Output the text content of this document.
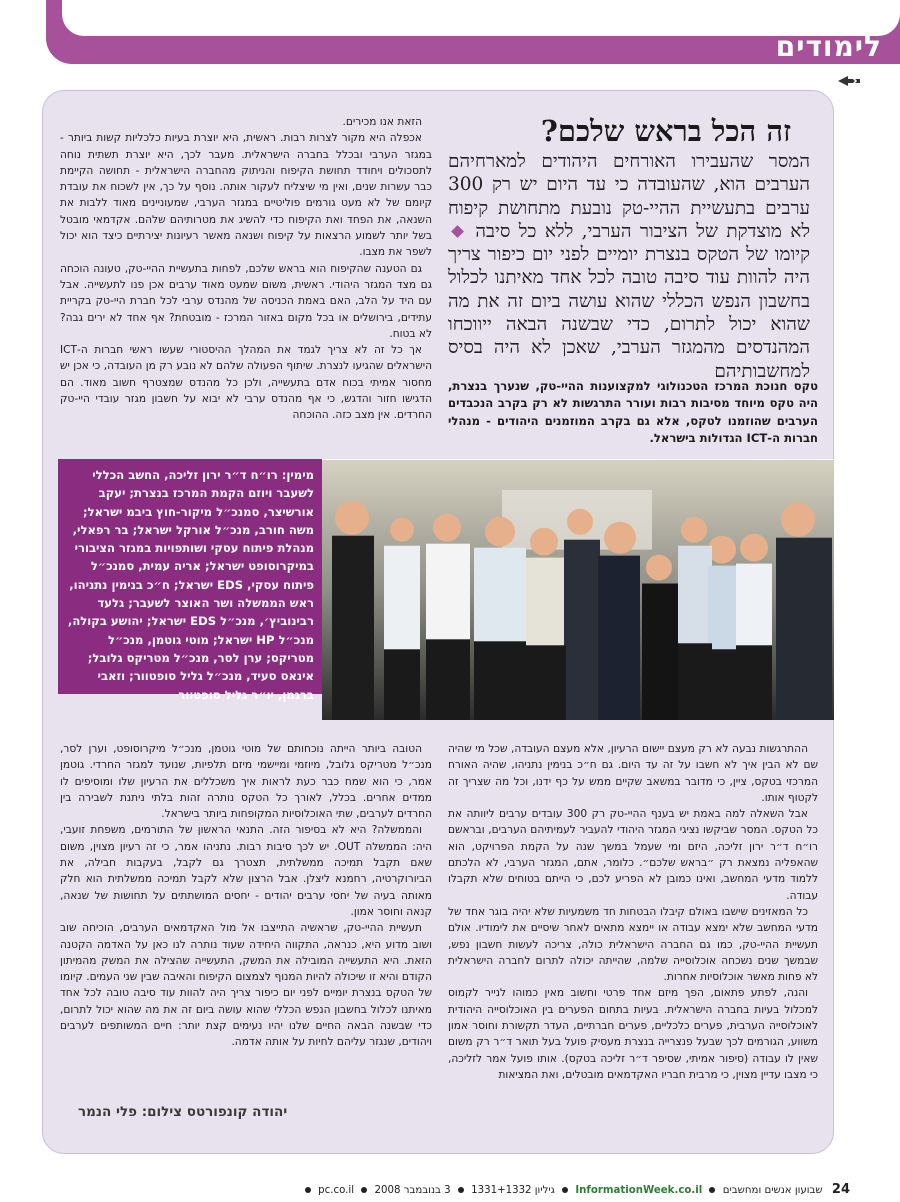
לימודים
זה הכל בראש שלכם?
המסר שהעבירו האורחים היהודים למארחיהם הערבים הוא, שהעובדה כי עד היום יש רק 300 ערבים בתעשיית ההיי-טק נובעת מתחושת קיפוח לא מוצדקת של הציבור הערבי, ללא כל סיבה  קיומו של הטקס בנצרת יומיים לפני יום כיפור צריך היה להוות עוד סיבה טובה לכל אחד מאיתנו לכלול בחשבון הנפש הכללי שהוא עושה ביום זה את מה שהוא יכול לתרום, כדי שבשנה הבאה ייווכחו המהנדסים מהמגזר הערבי, שאכן לא היה בסיס למחשבותיהם
טקס חנוכת המרכז הטכנולוגי למקצוענות ההיי-טק, שנערך בנצרת, היה טקס מיוחד מסיבות רבות ועורר התרגשות לא רק בקרב הנכבדים הערבים שהוזמנו לטקס, אלא גם בקרב המוזמנים היהודים - מנהלי חברות ה-ICT הגדולות בישראל.

הזאת אנו מכירים.

אכפלה היא מקור לצרות רבות. ראשית, היא יוצרת בעיות כלכליות קשות ביותר - במגזר הערבי ובכלל בחברה הישראלית. מעבר לכך, היא יוצרת תשתית נוחה לתסכולים ויחודד תחושת הקיפוח והניתוק מהחברה הישראלית - תחושה הקיימת כבר עשרות שנים, ואין מי שיצליח לעקור אותה. נוסף על כך, אין לשכוח את עובדת קיומם של לא מעט גורמים פוליטיים במגזר הערבי, שמעוניינים מאוד ללבות את השנאה, את הפחד ואת הקיפוח כדי להשיג את מטרותיהם שלהם. אקדמאי מובטל בשל יותר לשמוע הרצאות על קיפוח ושנאה מאשר רעיונות יצירתיים כיצד הוא יכול לשפר את מצבו.

גם הטענה שהקיפוח הוא בראש שלכם, לפחות בתעשיית ההיי-טק, טעונה הוכחה גם מצד המגזר היהודי. ראשית, משום שמעט מאוד ערבים אכן פנו לתעשייה. אבל עם היד על הלב, האם באמת הכניסה של מהנדס ערבי לכל חברת היי-טק בקריית עתידים, בירושלים או בכל מקום באזור המרכז - מובטחת? אף אחד לא ירים גבה? לא בטוח.

אך כל זה לא צריך לגמד את המהלך ההיסטורי שעשו ראשי חברות ה-ICT הישראלים שהגיעו לנצרת. שיתוף הפעולה שלהם לא נובע רק מן העובדה, כי אכן יש מחסור אמיתי בכוח אדם בתעשייה, ולכן כל מהנדס שמצטרף חשוב מאוד. הם הדגישו חזור והדגש, כי אף מהנדס ערבי לא יבוא על חשבון מגזר עובדי היי-טק החרדים. אין מצב כזה. ההוכחה

מימין: רו״ח ד״ר ירון זליכה, החשב הכללי לשעבר ויוזם הקמת המרכז בנצרת; יעקב אורשיצר, סמנכ״ל מיקור-חוץ ביבמ ישראל; משה חורב, מנכ״ל אורקל ישראל; בר רפאלי, מנהלת פיתוח עסקי ושותפויות במגזר הציבורי במיקרוסופט ישראל; אריה עמית, סמנכ״ל פיתוח עסקי, EDS ישראל; ח״כ בנימין נתניהו, ראש הממשלה ושר האוצר לשעבר; גלעד רבינוביץ׳, מנכ״ל EDS ישראל; יהושע בקולה, מנכ״ל HP ישראל; מוטי גוטמן, מנכ״ל מטריקס; ערן לסר, מנכ״ל מטריקס גלובל; אינאס סעיד, מנכ״ל גליל סופטוור; וזאבי ברגמן, יו״ר גליל סופטוור

ההתרגשות נבעה לא רק מעצם יישום הרעיון, אלא מעצם העובדה, שכל מי שהיה שם לא הבין איך לא חשבו על זה עד היום. גם ח״כ בנימין נתניהו, שהיה האורח המרכזי בטקס, ציין, כי מדובר במשאב שקיים ממש על כף ידנו, וכל מה שצריך זה לקטוף אותו.

אבל השאלה למה באמת יש בענף ההיי-טק רק 300 עובדים ערבים ליוותה את כל הטקס. המסר שביקשו נציגי המגזר היהודי להעביר לעמיתיהם הערבים, ובראשם רו״ח ד״ר ירון זליכה, היזם ומי שעמל במשך שנה על הקמת הפרויקט, הוא שהאפליה נמצאת רק ״בראש שלכם״. כלומר, אתם, המגזר הערבי, לא הלכתם ללמוד מדעי המחשב, ואינו כמובן לא הפריע לכם, כי הייתם בטוחים שלא תקבלו עבודה.

כל המאזינים שישבו באולם קיבלו הבטחות חד משמעיות שלא יהיה בוגר אחד של מדעי המחשב שלא ימצא עבודה או יימצא מתאים לאחר שיסיים את לימודיו. אולם תעשיית ההיי-טק, כמו גם החברה הישראלית כולה, צריכה לעשות חשבון נפש, שבמשך שנים נשכחה אוכלוסייה שלמה, שהייתה יכולה לתרום לחברה הישראלית לא פחות מאשר אוכלוסיות אחרות.

והנה, לפתע פתאום, הפך מיזם אחד פרטי וחשוב מאין כמוהו לנייר לקמוס למכלול בעיות בחברה הישראלית. בעיות בתחום הפערים בין האוכלוסייה היהודית לאוכלוסייה הערבית, פערים כלכליים, פערים חברתיים, העדר תקשורת וחוסר אמון משווע, הגורמים לכך שבעל פנצרייה בנצרת מעסיק פועל בעל תואר ד״ר רק משום שאין לו עבודה (סיפור אמיתי, שסיפר ד״ר זליכה בטקס). אותו פועל אמר לזליכה, כי מצבו עדיין מצוין, כי מרבית חבריו האקדמאים מובטלים, ואת המציאות

הטובה ביותר הייתה נוכחותם של מוטי גוטמן, מנכ״ל מיקרוסופט, וערן לסר, מנכ״ל מטריקס גלובל, מיוזמי ומיישמי מיזם תלפיות, שנועד למגזר החרדי. גוטמן אמר, כי הוא שמח כבר כעת לראות איך משכללים את הרעיון שלו ומוסיפים לו ממדים אחרים. בכלל, לאורך כל הטקס נותרה זהות בלתי ניתנת לשבירה בין החרדים לערבים, שתי האוכלוסיות המקופחות ביותר בישראל.

והממשלה? היא לא בסיפור הזה. התנאי הראשון של התורמים, משפחת זועבי, היה: הממשלה OUT. יש לכך סיבות רבות. נתניהו אמר, כי זה רעיון מצוין, משום שאם תקבל תמיכה ממשלתית, תצטרך גם לקבל, בעקבות חבילה, את הביורוקרטיה, רחמנא ליצלן. אבל הרצון שלא לקבל תמיכה ממשלתית הוא חלק מאותה בעיה של יחסי ערבים יהודים - יחסים המושתתים על תחושות של שנאה, קנאה וחוסר אמון.

תעשיית ההיי-טק, שראשיה התייצבו אל מול האקדמאים הערבים, הוכיחה שוב ושוב מדוע היא, כנראה, התקווה היחידה שעוד נותרה לנו כאן על האדמה הקטנה הזאת. היא התעשייה המובילה את המשק, התעשייה שהצילה את המשק מהמיתון הקודם והיא זו שיכולה להיות המנוף לצמצום הקיפוח והאיבה שבין שני העמים. קיומו של הטקס בנצרת יומיים לפני יום כיפור צריך היה להוות עוד סיבה טובה לכל אחד מאיתנו לכלול בחשבון הנפש הכללי שהוא עושה ביום זה את מה שהוא יכול לתרום, כדי שבשנה הבאה החיים שלנו יהיו נעימים קצת יותר: חיים המשותפים לערבים ויהודים, שנגזר עליהם לחיות על אותה אדמה.

יהודה קונפורטס צילום: פלי הנמר
24 שבועון אנשים ומחשבים  InformationWeek.co.il  גיליון 1331+1332  3 בנובמבר 2008  pc.co.il
